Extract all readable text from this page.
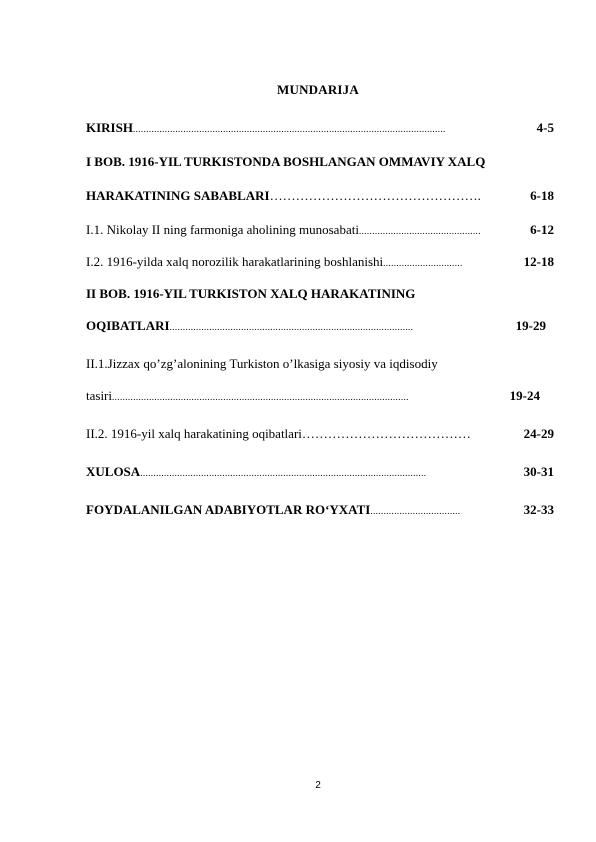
MUNDARIJA
KIRISH ......................................................................................................................	4-5
I BOB. 1916-YIL TURKISTONDA BOSHLANGAN OMMAVIY XALQ
HARAKATINING SABABLARI ………………………………………….	6-18
I.1. Nikolay II ning farmoniga aholining munosabati ..............................................	6-12
I.2. 1916-yilda xalq norozilik harakatlarining boshlanishi ..............................	12-18
II BOB. 1916-YIL TURKISTON XALQ HARAKATINING
OQIBATLARI ............................................................................................	19-29
II.1.Jizzax qo’zg’alonining Turkiston o’lkasiga siyosiy va iqdisodiy
tasiri ................................................................................................................	19-24
II.2. 1916-yil xalq harakatining oqibatlari …………………………………	24-29
XULOSA ............................................................................................................	30-31
FOYDALANILGAN ADABIYOTLAR RO‘YXATI ..................................	32-33
2
